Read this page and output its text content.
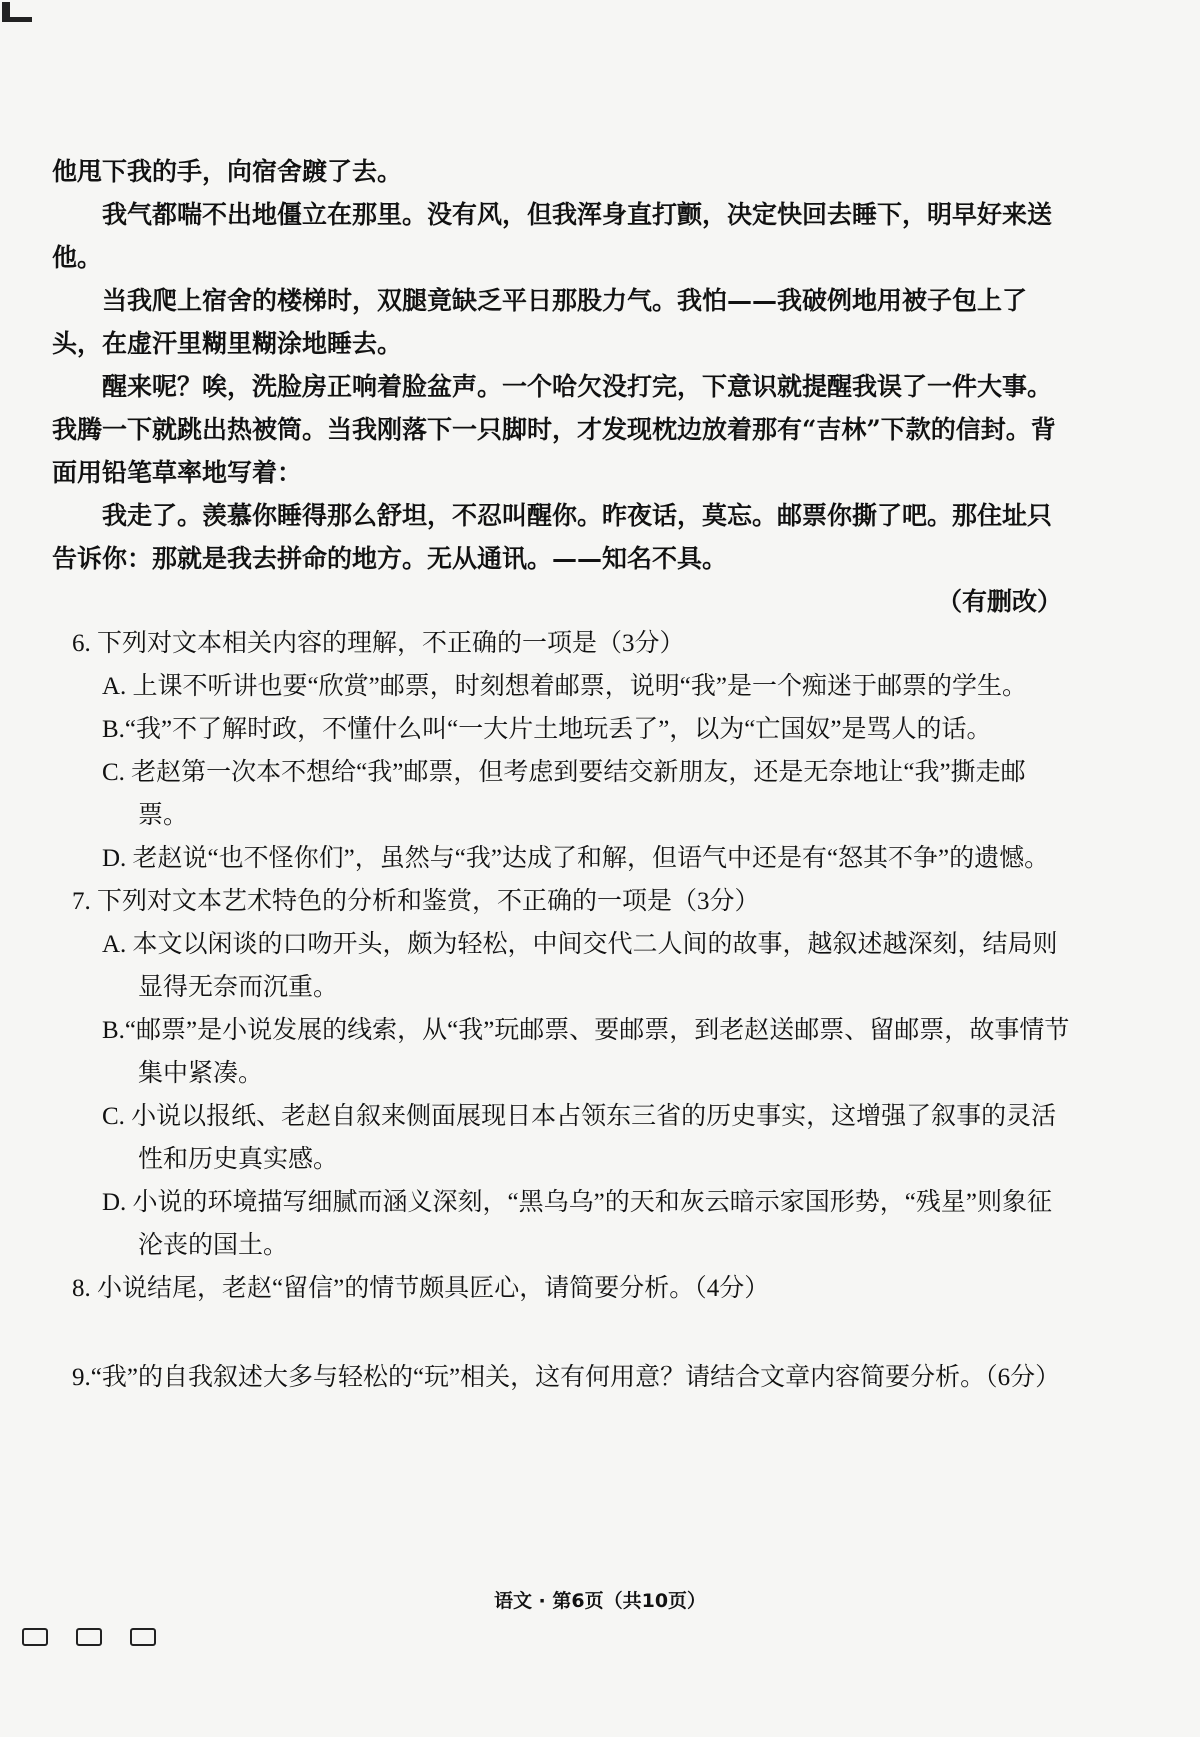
他甩下我的手，向宿舍踱了去。

我气都喘不出地僵立在那里。没有风，但我浑身直打颤，决定快回去睡下，明早好来送他。

当我爬上宿舍的楼梯时，双腿竟缺乏平日那股力气。我怕——我破例地用被子包上了头，在虚汗里糊里糊涂地睡去。

醒来呢？唉，洗脸房正响着脸盆声。一个哈欠没打完，下意识就提醒我误了一件大事。我腾一下就跳出热被筒。当我刚落下一只脚时，才发现枕边放着那有“吉林”下款的信封。背面用铅笔草率地写着：

我走了。羡慕你睡得那么舒坦，不忍叫醒你。昨夜话，莫忘。邮票你撕了吧。那住址只告诉你：那就是我去拼命的地方。无从通讯。——知名不具。

（有删改）

6. 下列对文本相关内容的理解，不正确的一项是（3分）
A. 上课不听讲也要“欣赏”邮票，时刻想着邮票，说明“我”是一个痴迷于邮票的学生。
B.“我”不了解时政，不懂什么叫“一大片土地玩丢了”，以为“亡国奴”是骂人的话。
C. 老赵第一次本不想给“我”邮票，但考虑到要结交新朋友，还是无奈地让“我”撕走邮票。
D. 老赵说“也不怪你们”，虽然与“我”达成了和解，但语气中还是有“怒其不争”的遗憾。
7. 下列对文本艺术特色的分析和鉴赏，不正确的一项是（3分）
A. 本文以闲谈的口吻开头，颇为轻松，中间交代二人间的故事，越叙述越深刻，结局则显得无奈而沉重。
B.“邮票”是小说发展的线索，从“我”玩邮票、要邮票，到老赵送邮票、留邮票，故事情节集中紧凑。
C. 小说以报纸、老赵自叙来侧面展现日本占领东三省的历史事实，这增强了叙事的灵活性和历史真实感。
D. 小说的环境描写细腻而涵义深刻，“黑乌乌”的天和灰云暗示家国形势，“残星”则象征沦丧的国土。
8. 小说结尾，老赵“留信”的情节颇具匠心，请简要分析。（4分）
9.“我”的自我叙述大多与轻松的“玩”相关，这有何用意？请结合文章内容简要分析。（6分）
语文 · 第6页（共10页）
